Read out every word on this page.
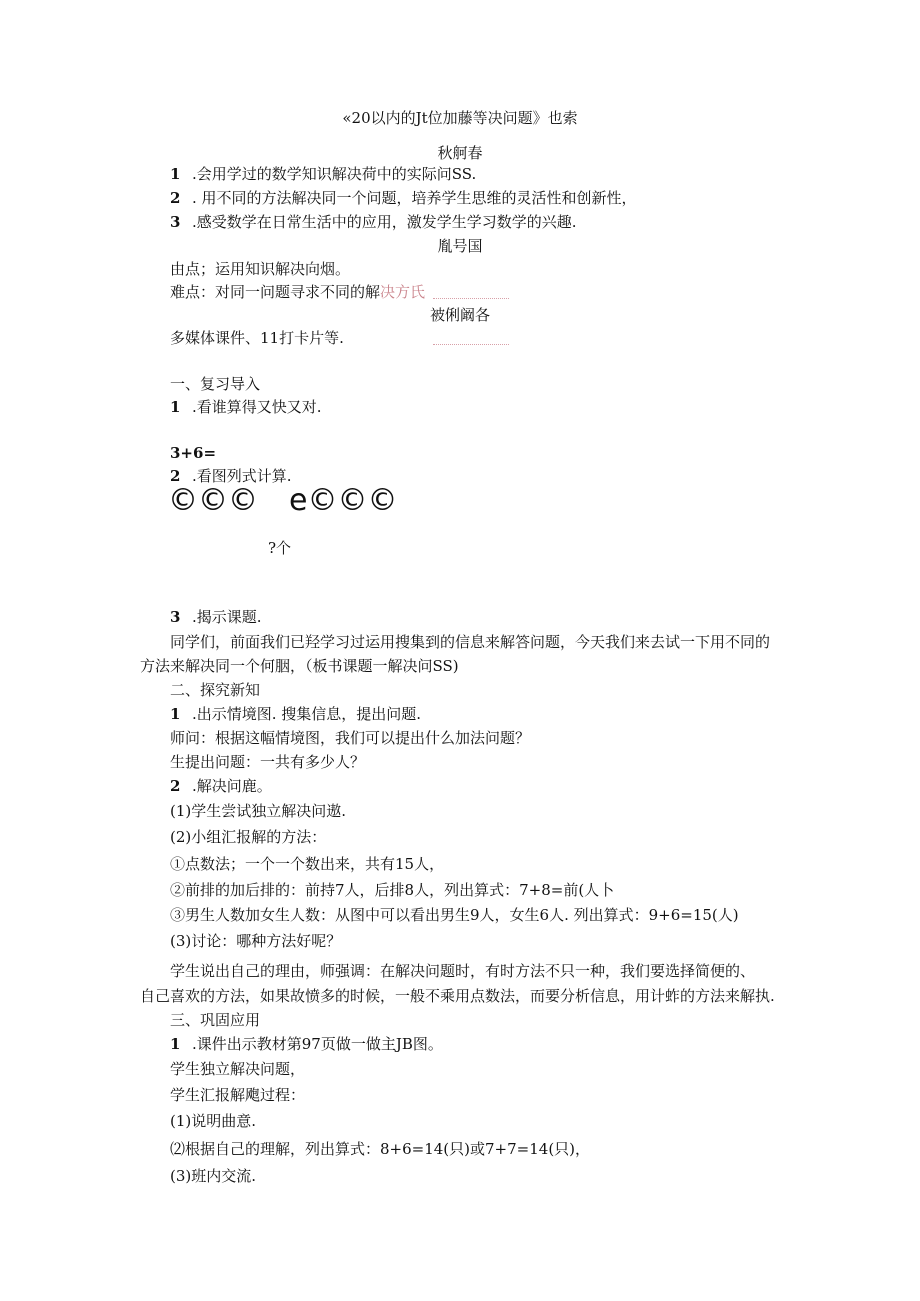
«20以内的Jt位加藤等决问题》也索
秋舸春
1 .会用学过的数学知识解决荷中的实际问SS.
2 . 用不同的方法解决同一个问题，培养学生思维的灵活性和创新性，
3 .感受数学在日常生活中的应用，激发学生学习数学的兴趣.
胤号国
由点；运用知识解决向烟。
难点：对同一问题寻求不同的解决方氏
被俐阚各
多媒体课件、11打卡片等.
一、复习导入
1 .看谁算得又快又对.
3+6=
2 .看图列式计算.
©©© e©©©
?个
3 .揭示课题.
同学们，前面我们已羟学习过运用搜集到的信息来解答问题，今天我们来去试一下用不同的
方法来解决同一个何胭，（板书课题一解决问SS)
二、探究新知
1 .出示情境图. 搜集信息，提出问题.
师问：根据这幅情境图，我们可以提出什么加法问题？
生提出问题：一共有多少人？
2 .解决问鹿。
(1)学生尝试独立解决问遨.
(2)小组汇报解的方法：
①点数法；一个一个数出来，共有15人，
②前排的加后排的：前持7人，后排8人，列出算式：7+8=前(人卜
③男生人数加女生人数：从图中可以看出男生9人，女生6人. 列出算式：9+6=15(人)
(3)讨论：哪种方法好呢？
学生说出自己的理由，师强调：在解决问题时，有时方法不只一种，我们要选择简便的、
自己喜欢的方法，如果故愤多的时候，一般不乘用点数法，而要分析信息，用计蚱的方法来解执.
三、巩固应用
1 .课件出示教材第97页做一做主JB图。
学生独立解决问题，
学生汇报解飑过程：
(1)说明曲意.
⑵根据自己的理解，列出算式：8+6=14(只)或7+7=14(只)，
(3)班内交流.
